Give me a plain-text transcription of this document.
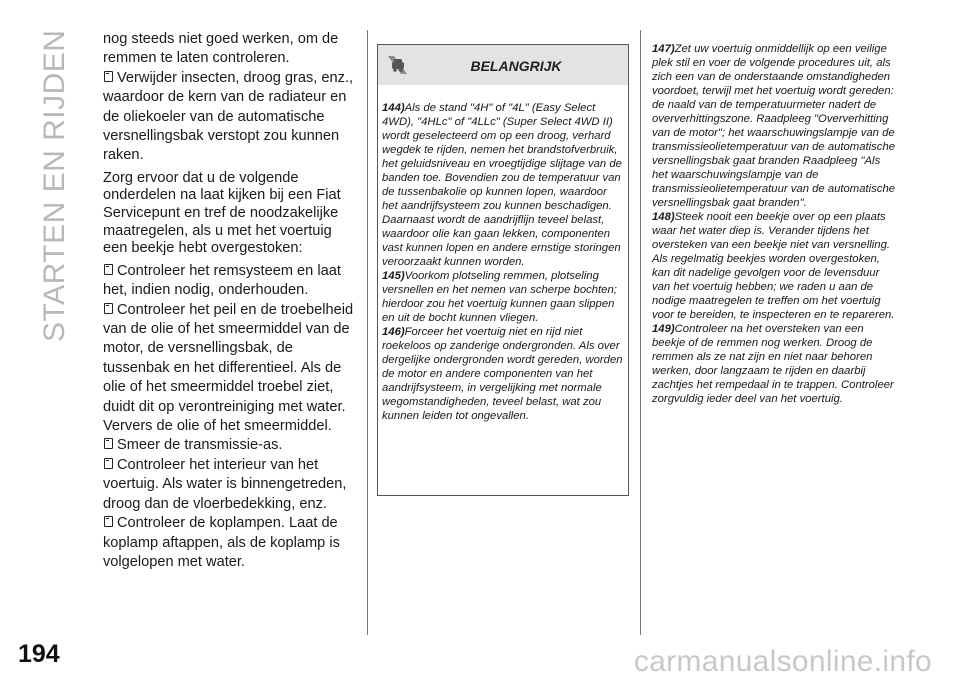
STARTEN EN RIJDEN nog steeds niet goed werken, om de remmen te laten controleren.

Verwijder insecten, droog gras, enz., waardoor de kern van de radiateur en de oliekoeler van de automatische versnellingsbak verstopt zou kunnen raken.

Zorg ervoor dat u de volgende onderdelen na laat kijken bij een Fiat Servicepunt en tref de noodzakelijke maatregelen, als u met het voertuig een beekje hebt overgestoken:

Controleer het remsysteem en laat het, indien nodig, onderhouden.

Controleer het peil en de troebelheid van de olie of het smeermiddel van de motor, de versnellingsbak, de tussenbak en het differentieel. Als de olie of het smeermiddel troebel ziet, duidt dit op verontreiniging met water. Ververs de olie of het smeermiddel.

Smeer de transmissie-as.

Controleer het interieur van het voertuig. Als water is binnengetreden, droog dan de vloerbedekking, enz.

Controleer de koplampen. Laat de koplamp aftappen, als de koplamp is volgelopen met water.

BELANGRIJK

144)Als de stand "4H" of "4L" (Easy Select 4WD), "4HLc" of "4LLc" (Super Select 4WD II) wordt geselecteerd om op een droog, verhard wegdek te rijden, nemen het brandstofverbruik, het geluidsniveau en vroegtijdige slijtage van de banden toe. Bovendien zou de temperatuur van de tussenbakolie op kunnen lopen, waardoor het aandrijfsysteem zou kunnen beschadigen. Daarnaast wordt de aandrijflijn teveel belast, waardoor olie kan gaan lekken, componenten vast kunnen lopen en andere ernstige storingen veroorzaakt kunnen worden.

145)Voorkom plotseling remmen, plotseling versnellen en het nemen van scherpe bochten; hierdoor zou het voertuig kunnen gaan slippen en uit de bocht kunnen vliegen.

146)Forceer het voertuig niet en rijd niet roekeloos op zanderige ondergronden. Als over dergelijke ondergronden wordt gereden, worden de motor en andere componenten van het aandrijfsysteem, in vergelijking met normale wegomstandigheden, teveel belast, wat zou kunnen leiden tot ongevallen.

147)Zet uw voertuig onmiddellijk op een veilige plek stil en voer de volgende procedures uit, als zich een van de onderstaande omstandigheden voordoet, terwijl met het voertuig wordt gereden: de naald van de temperatuurmeter nadert de oververhittingszone. Raadpleeg "Oververhitting van de motor"; het waarschuwingslampje van de transmissieolietemperatuur van de automatische versnellingsbak gaat branden Raadpleeg "Als het waarschuwingslampje van de transmissieolietemperatuur van de automatische versnellingsbak gaat branden".

148)Steek nooit een beekje over op een plaats waar het water diep is. Verander tijdens het oversteken van een beekje niet van versnelling. Als regelmatig beekjes worden overgestoken, kan dit nadelige gevolgen voor de levensduur van het voertuig hebben; we raden u aan de nodige maatregelen te treffen om het voertuig voor te bereiden, te inspecteren en te repareren.

149)Controleer na het oversteken van een beekje of de remmen nog werken. Droog de remmen als ze nat zijn en niet naar behoren werken, door langzaam te rijden en daarbij zachtjes het rempedaal in te trappen. Controleer zorgvuldig ieder deel van het voertuig.

194	carmanualsonline.info
